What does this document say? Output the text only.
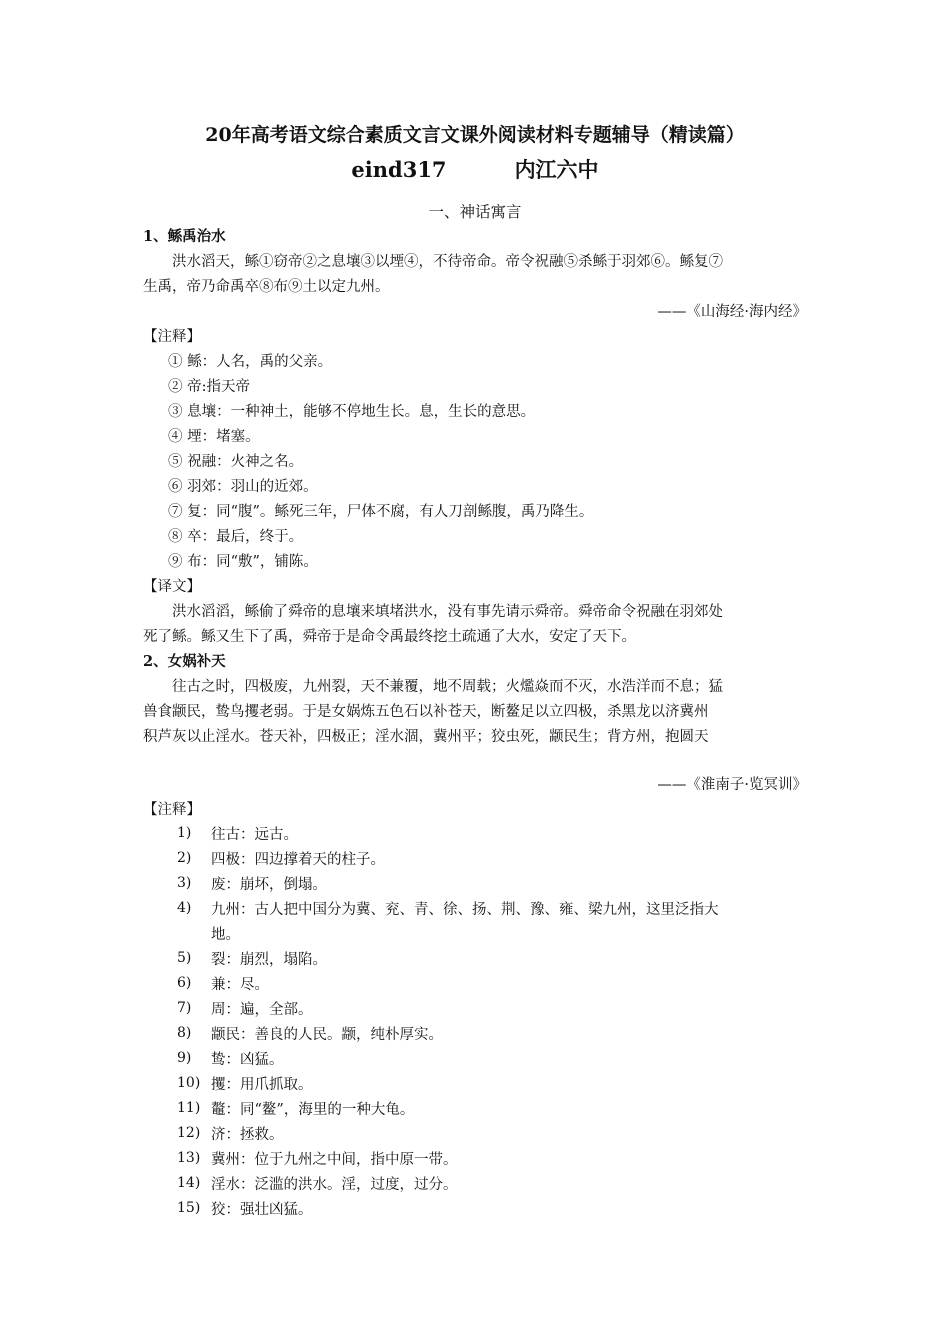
20年高考语文综合素质文言文课外阅读材料专题辅导（精读篇）
eind317	内江六中
一、神话寓言
1、鲧禹治水
洪水滔天，鲧①窃帝②之息壤③以堙④，不待帝命。帝令祝融⑤杀鲧于羽郊⑥。鲧复⑦
生禹，帝乃命禹卒⑧布⑨土以定九州。
——《山海经·海内经》
【注释】
① 鲧：人名，禹的父亲。
② 帝:指天帝
③ 息壤：一种神土，能够不停地生长。息，生长的意思。
④ 堙：堵塞。
⑤ 祝融：火神之名。
⑥ 羽郊：羽山的近郊。
⑦ 复：同“腹”。鲧死三年，尸体不腐，有人刀剖鲧腹，禹乃降生。
⑧ 卒：最后，终于。
⑨ 布：同“敷”，铺陈。
【译文】
洪水滔滔，鲧偷了舜帝的息壤来填堵洪水，没有事先请示舜帝。舜帝命令祝融在羽郊处
死了鲧。鲧又生下了禹，舜帝于是命令禹最终挖土疏通了大水，安定了天下。
2、女娲补天
往古之时，四极废，九州裂，天不兼覆，地不周载；火爁焱而不灭，水浩洋而不息；猛
兽食颛民，鸷鸟攫老弱。于是女娲炼五色石以补苍天，断鳌足以立四极，杀黑龙以济冀州
积芦灰以止淫水。苍天补，四极正；淫水涸，冀州平；狡虫死，颛民生；背方州，抱圆天
——《淮南子·览冥训》
【注释】
1) 往古：远古。
2) 四极：四边撑着天的柱子。
3) 废：崩坏，倒塌。
4) 九州：古人把中国分为冀、兖、青、徐、扬、荆、豫、雍、梁九州，这里泛指大
地。
5) 裂：崩烈，塌陷。
6) 兼：尽。
7) 周：遍，全部。
8) 颛民：善良的人民。颛，纯朴厚实。
9) 鸷：凶猛。
10) 攫：用爪抓取。
11) 鼇：同“鳌”，海里的一种大龟。
12) 济：拯救。
13) 冀州：位于九州之中间，指中原一带。
14) 淫水：泛滥的洪水。淫，过度，过分。
15) 狡：强壮凶猛。
